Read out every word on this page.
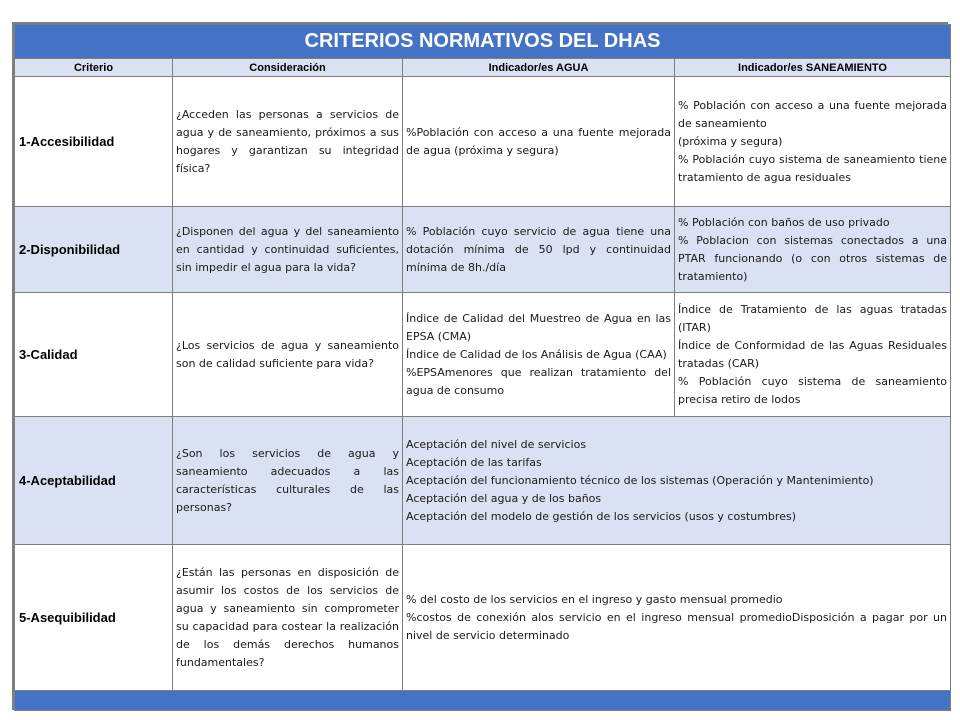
CRITERIOS NORMATIVOS DEL DHAS			
Criterio	Consideración	Indicador/es AGUA	Indicador/es SANEAMIENTO
1-Accesibilidad	¿Acceden las personas a servicios de agua y de saneamiento, próximos a sus hogares y garantizan su integridad física?	%Población con acceso a una fuente mejorada de agua (próxima y segura)	% Población con acceso a una fuente mejorada de saneamiento
(próxima y segura)
% Población cuyo sistema de saneamiento tiene tratamiento de agua residuales

2-Disponibilidad	¿Disponen del agua y del saneamiento en cantidad y continuidad suficientes, sin impedir el agua para la vida?	% Población cuyo servicio de agua tiene una dotación mínima de 50 lpd y continuidad mínima de 8h./día	% Población con baños de uso privado
% Poblacion con sistemas conectados a una PTAR funcionando (o con otros sistemas de tratamiento)

3-Calidad	¿Los servicios de agua y saneamiento son de calidad suficiente para vida?	Índice de Calidad del Muestreo de Agua en las EPSA (CMA)
Índice de Calidad de los Análisis de Agua (CAA)
%EPSAmenores que realizan tratamiento del agua de consumo	Índice de Tratamiento de las aguas tratadas (ITAR)
Índice de Conformidad de las Aguas Residuales tratadas (CAR)
% Población cuyo sistema de saneamiento precisa retiro de lodos

4-Aceptabilidad	¿Son los servicios de agua y saneamiento adecuados a las características culturales de las personas?	Aceptación del nivel de servicios
Aceptación de las tarifas
Aceptación del funcionamiento técnico de los sistemas (Operación y Mantenimiento)
Aceptación del agua y de los baños
Aceptación del modelo de gestión de los servicios (usos y costumbres)	

5-Asequibilidad	¿Están las personas en disposición de asumir los costos de los servicios de agua y saneamiento sin comprometer su capacidad para costear la realización de los demás derechos humanos fundamentales?	% del costo de los servicios en el ingreso y gasto mensual promedio
%costos de conexión alos servicio en el ingreso mensual promedioDisposición a pagar por un nivel de servicio determinado	
